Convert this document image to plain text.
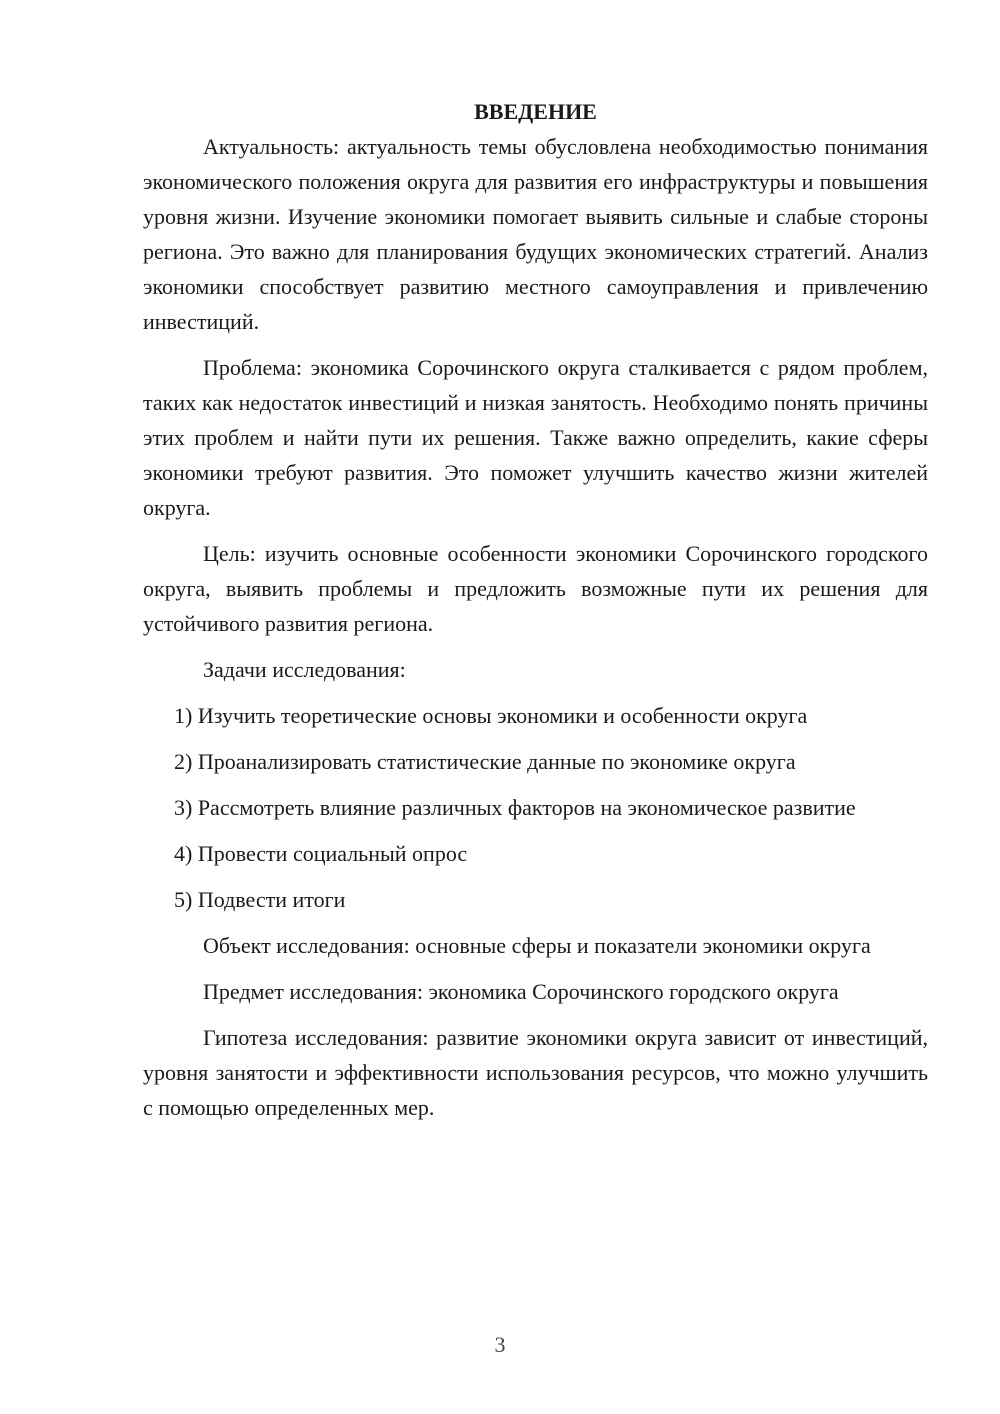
ВВЕДЕНИЕ

Актуальность: актуальность темы обусловлена необходимостью понимания экономического положения округа для развития его инфраструктуры и повышения уровня жизни. Изучение экономики помогает выявить сильные и слабые стороны региона. Это важно для планирования будущих экономических стратегий. Анализ экономики способствует развитию местного самоуправления и привлечению инвестиций.

Проблема: экономика Сорочинского округа сталкивается с рядом проблем, таких как недостаток инвестиций и низкая занятость. Необходимо понять причины этих проблем и найти пути их решения. Также важно определить, какие сферы экономики требуют развития. Это поможет улучшить качество жизни жителей округа.

Цель: изучить основные особенности экономики Сорочинского городского округа, выявить проблемы и предложить возможные пути их решения для устойчивого развития региона.

Задачи исследования:

1) Изучить теоретические основы экономики и особенности округа

2) Проанализировать статистические данные по экономике округа

3) Рассмотреть влияние различных факторов на экономическое развитие

4) Провести социальный опрос

5) Подвести итоги

Объект исследования: основные сферы и показатели экономики округа

Предмет исследования: экономика Сорочинского городского округа

Гипотеза исследования: развитие экономики округа зависит от инвестиций, уровня занятости и эффективности использования ресурсов, что можно улучшить с помощью определенных мер.

3
